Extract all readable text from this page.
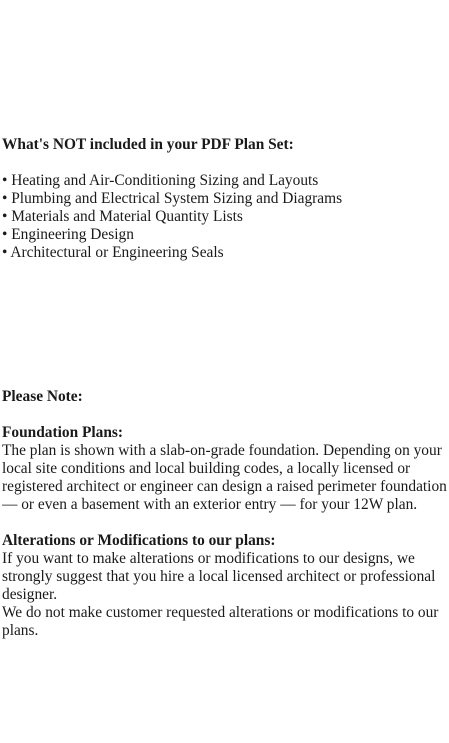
What's NOT included in your PDF Plan Set:

• Heating and Air-Conditioning Sizing and Layouts

• Plumbing and Electrical System Sizing and Diagrams

• Materials and Material Quantity Lists

• Engineering Design

• Architectural or Engineering Seals

Please Note:

Foundation Plans:

The plan is shown with a slab-on-grade foundation. Depending on your local site conditions and local building codes, a locally licensed or registered architect or engineer can design a raised perimeter foundation — or even a basement with an exterior entry — for your 12W plan.

Alterations or Modifications to our plans:

If you want to make alterations or modifications to our designs, we strongly suggest that you hire a local licensed architect or professional designer.

We do not make customer requested alterations or modifications to our plans.
